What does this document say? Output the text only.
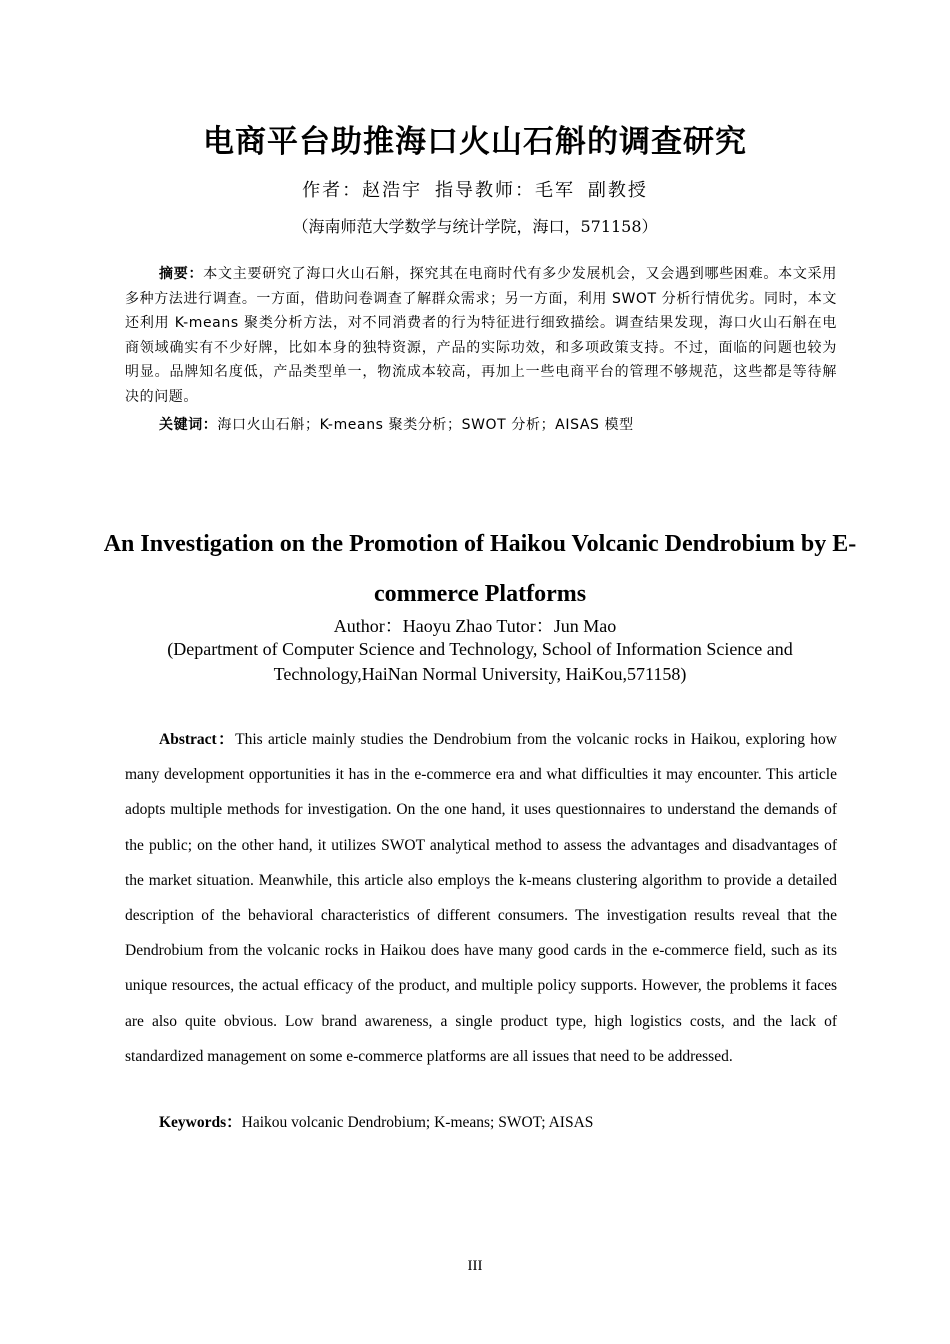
电商平台助推海口火山石斛的调查研究
作者：赵浩宇 指导教师：毛军 副教授
（海南师范大学数学与统计学院，海口，571158）
摘要：本文主要研究了海口火山石斛，探究其在电商时代有多少发展机会，又会遇到哪些困难。本文采用多种方法进行调查。一方面，借助问卷调查了解群众需求；另一方面，利用 SWOT 分析行情优劣。同时，本文还利用 K-means 聚类分析方法，对不同消费者的行为特征进行细致描绘。调查结果发现，海口火山石斛在电商领域确实有不少好牌，比如本身的独特资源，产品的实际功效，和多项政策支持。不过，面临的问题也较为明显。品牌知名度低，产品类型单一，物流成本较高，再加上一些电商平台的管理不够规范，这些都是等待解决的问题。
关键词：海口火山石斛；K-means 聚类分析；SWOT 分析；AISAS 模型
An Investigation on the Promotion of Haikou Volcanic Dendrobium by E-commerce Platforms
Author：Haoyu Zhao Tutor：Jun Mao
(Department of Computer Science and Technology, School of Information Science and Technology,HaiNan Normal University, HaiKou,571158)
Abstract：This article mainly studies the Dendrobium from the volcanic rocks in Haikou, exploring how many development opportunities it has in the e-commerce era and what difficulties it may encounter. This article adopts multiple methods for investigation. On the one hand, it uses questionnaires to understand the demands of the public; on the other hand, it utilizes SWOT analytical method to assess the advantages and disadvantages of the market situation. Meanwhile, this article also employs the k-means clustering algorithm to provide a detailed description of the behavioral characteristics of different consumers. The investigation results reveal that the Dendrobium from the volcanic rocks in Haikou does have many good cards in the e-commerce field, such as its unique resources, the actual efficacy of the product, and multiple policy supports. However, the problems it faces are also quite obvious. Low brand awareness, a single product type, high logistics costs, and the lack of standardized management on some e-commerce platforms are all issues that need to be addressed.
Keywords：Haikou volcanic Dendrobium; K-means; SWOT; AISAS
III
